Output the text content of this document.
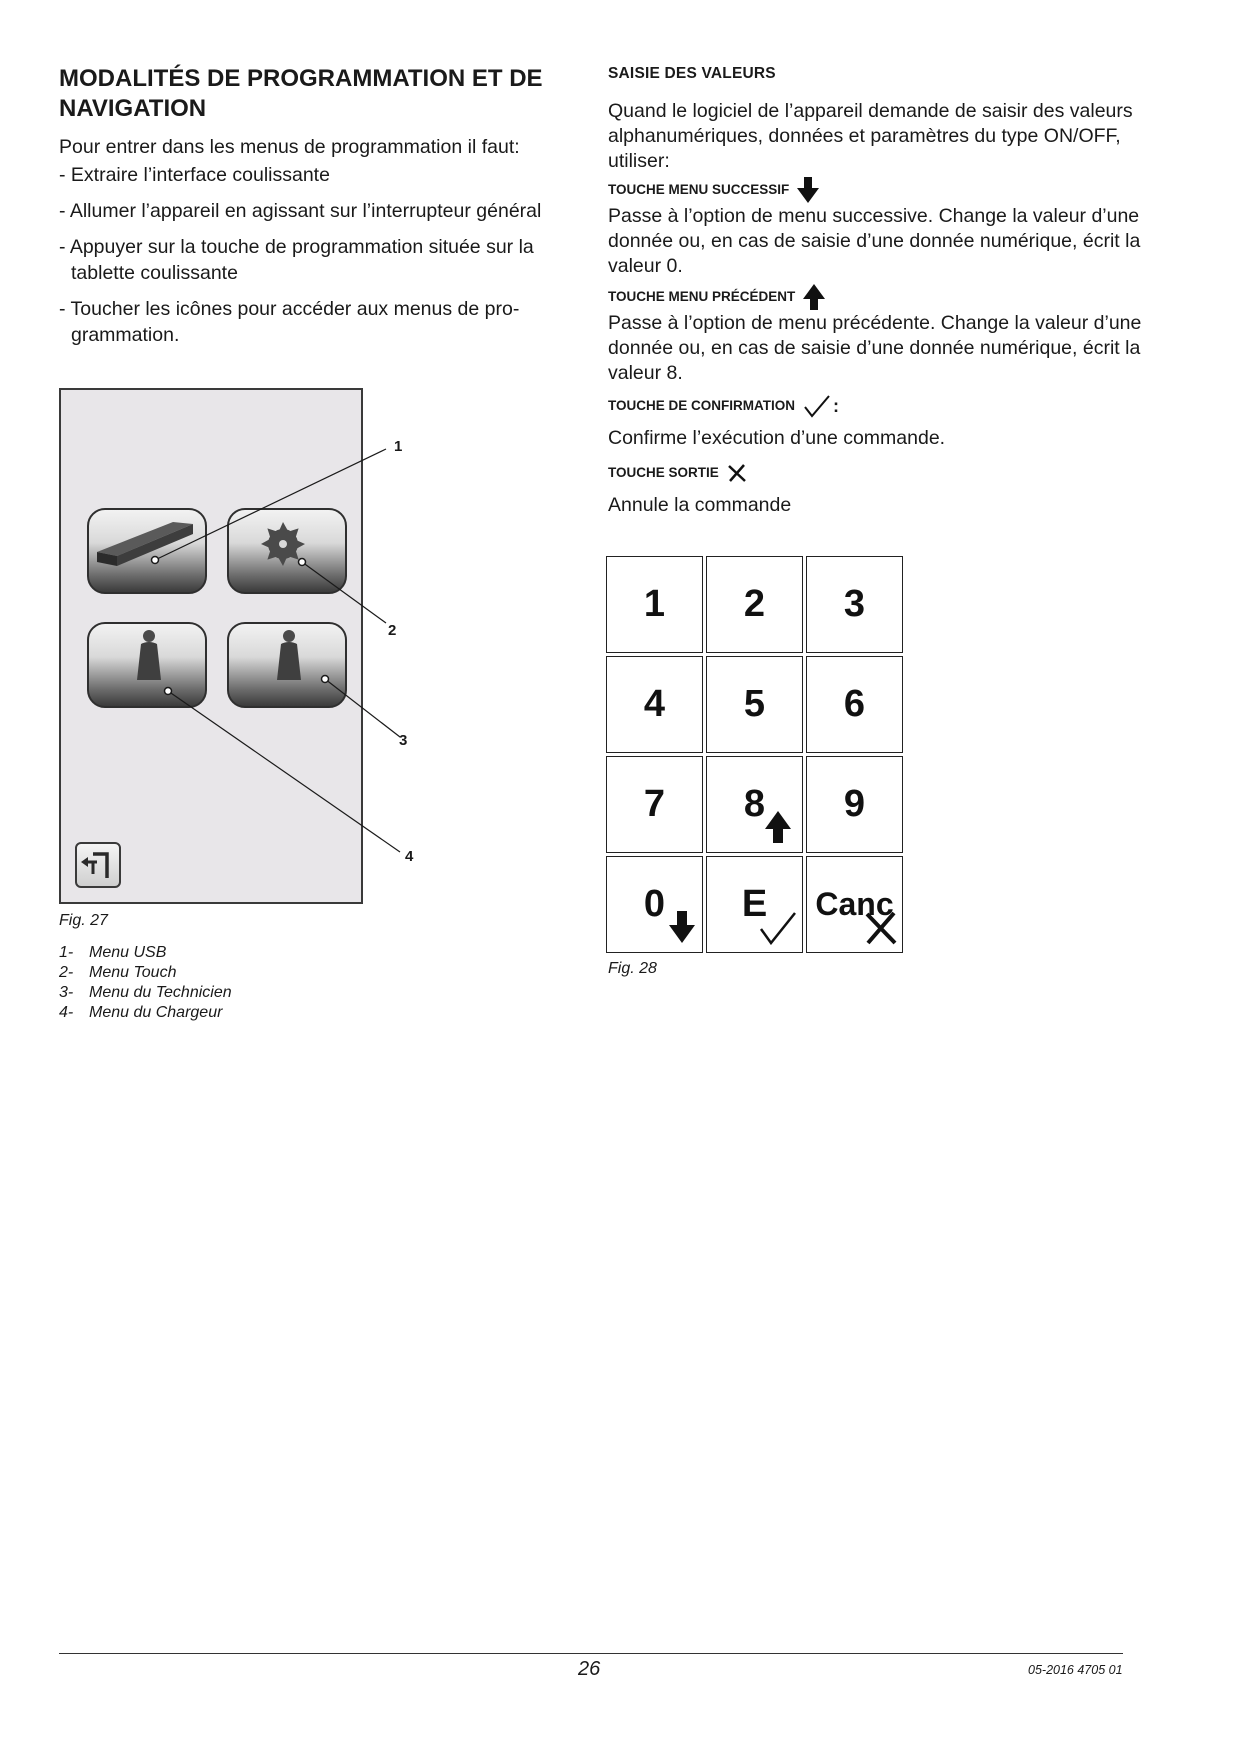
MODALITÉS DE PROGRAMMATION ET DE NAVIGATION

Pour entrer dans les menus de programmation il faut:

- Extraire l’interface coulissante
- Allumer l’appareil en agissant sur l’interrupteur général
- Appuyer sur la touche de programmation située sur la tablette coulissante
- Toucher les icônes pour accéder aux menus de pro-grammation.
1
2
3
4
Fig. 27
1- Menu USB
2- Menu Touch
3- Menu du Technicien
4- Menu du Chargeur
SAISIE DES VALEURS

Quand le logiciel de l’appareil demande de saisir des valeurs alphanumériques, données et paramètres du type ON/OFF, utiliser:

TOUCHE MENU SUCCESSIF

Passe à l’option de menu successive. Change la valeur d’une donnée ou, en cas de saisie d’une donnée numérique, écrit la valeur 0.

TOUCHE MENU PRÉCÉDENT

Passe à l’option de menu précédente. Change la valeur d’une donnée ou, en cas de saisie d’une donnée numérique, écrit la valeur 8.

TOUCHE DE CONFIRMATION :

Confirme l’exécution d’une commande.

TOUCHE SORTIE

Annule la commande

1 2 3
4 5 6
7 8 9
0 E Canc
Fig. 28
26	05-2016 4705 01
